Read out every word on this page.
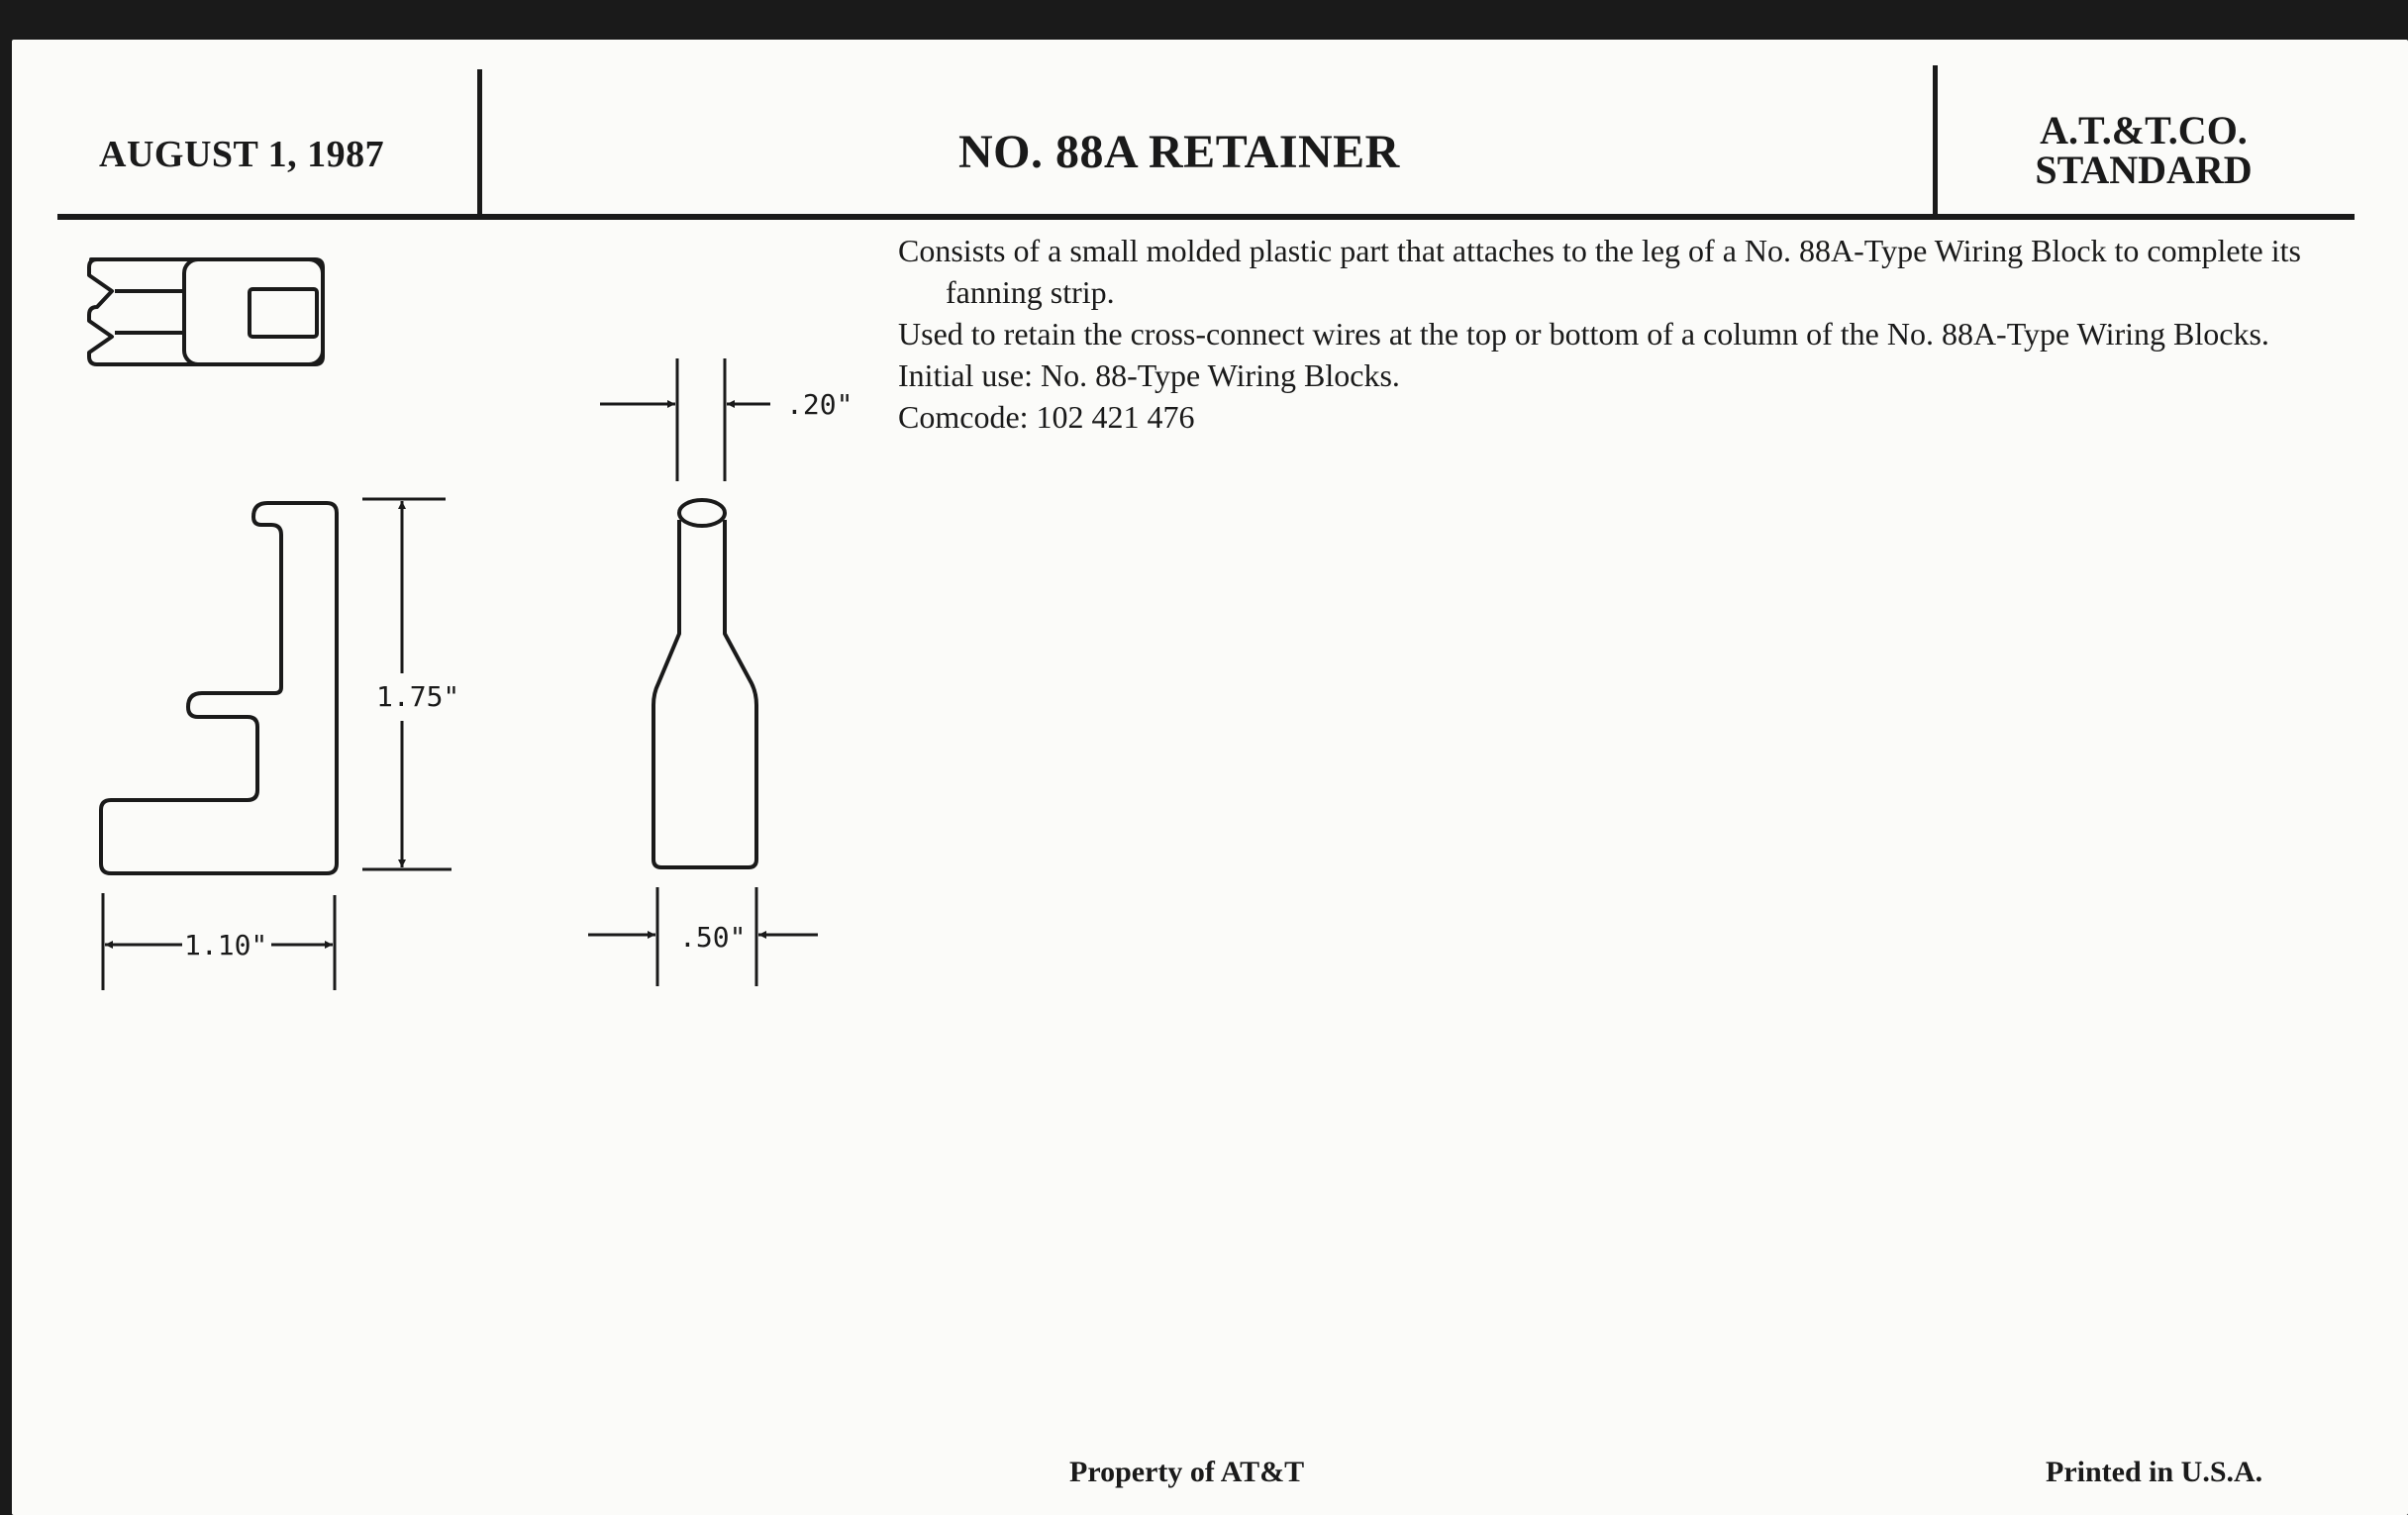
AUGUST 1, 1987	NO. 88A RETAINER	A.T.&T.CO.
STANDARD
1.75"
1.10"
.20"
.50"

Consists of a small molded plastic part that attaches to the leg of a No. 88A-Type Wiring Block to complete its fanning strip.

Used to retain the cross-connect wires at the top or bottom of a column of the No. 88A-Type Wiring Blocks.

Initial use: No. 88-Type Wiring Blocks.

Comcode: 102 421 476

Property of AT&T	Printed in U.S.A.
